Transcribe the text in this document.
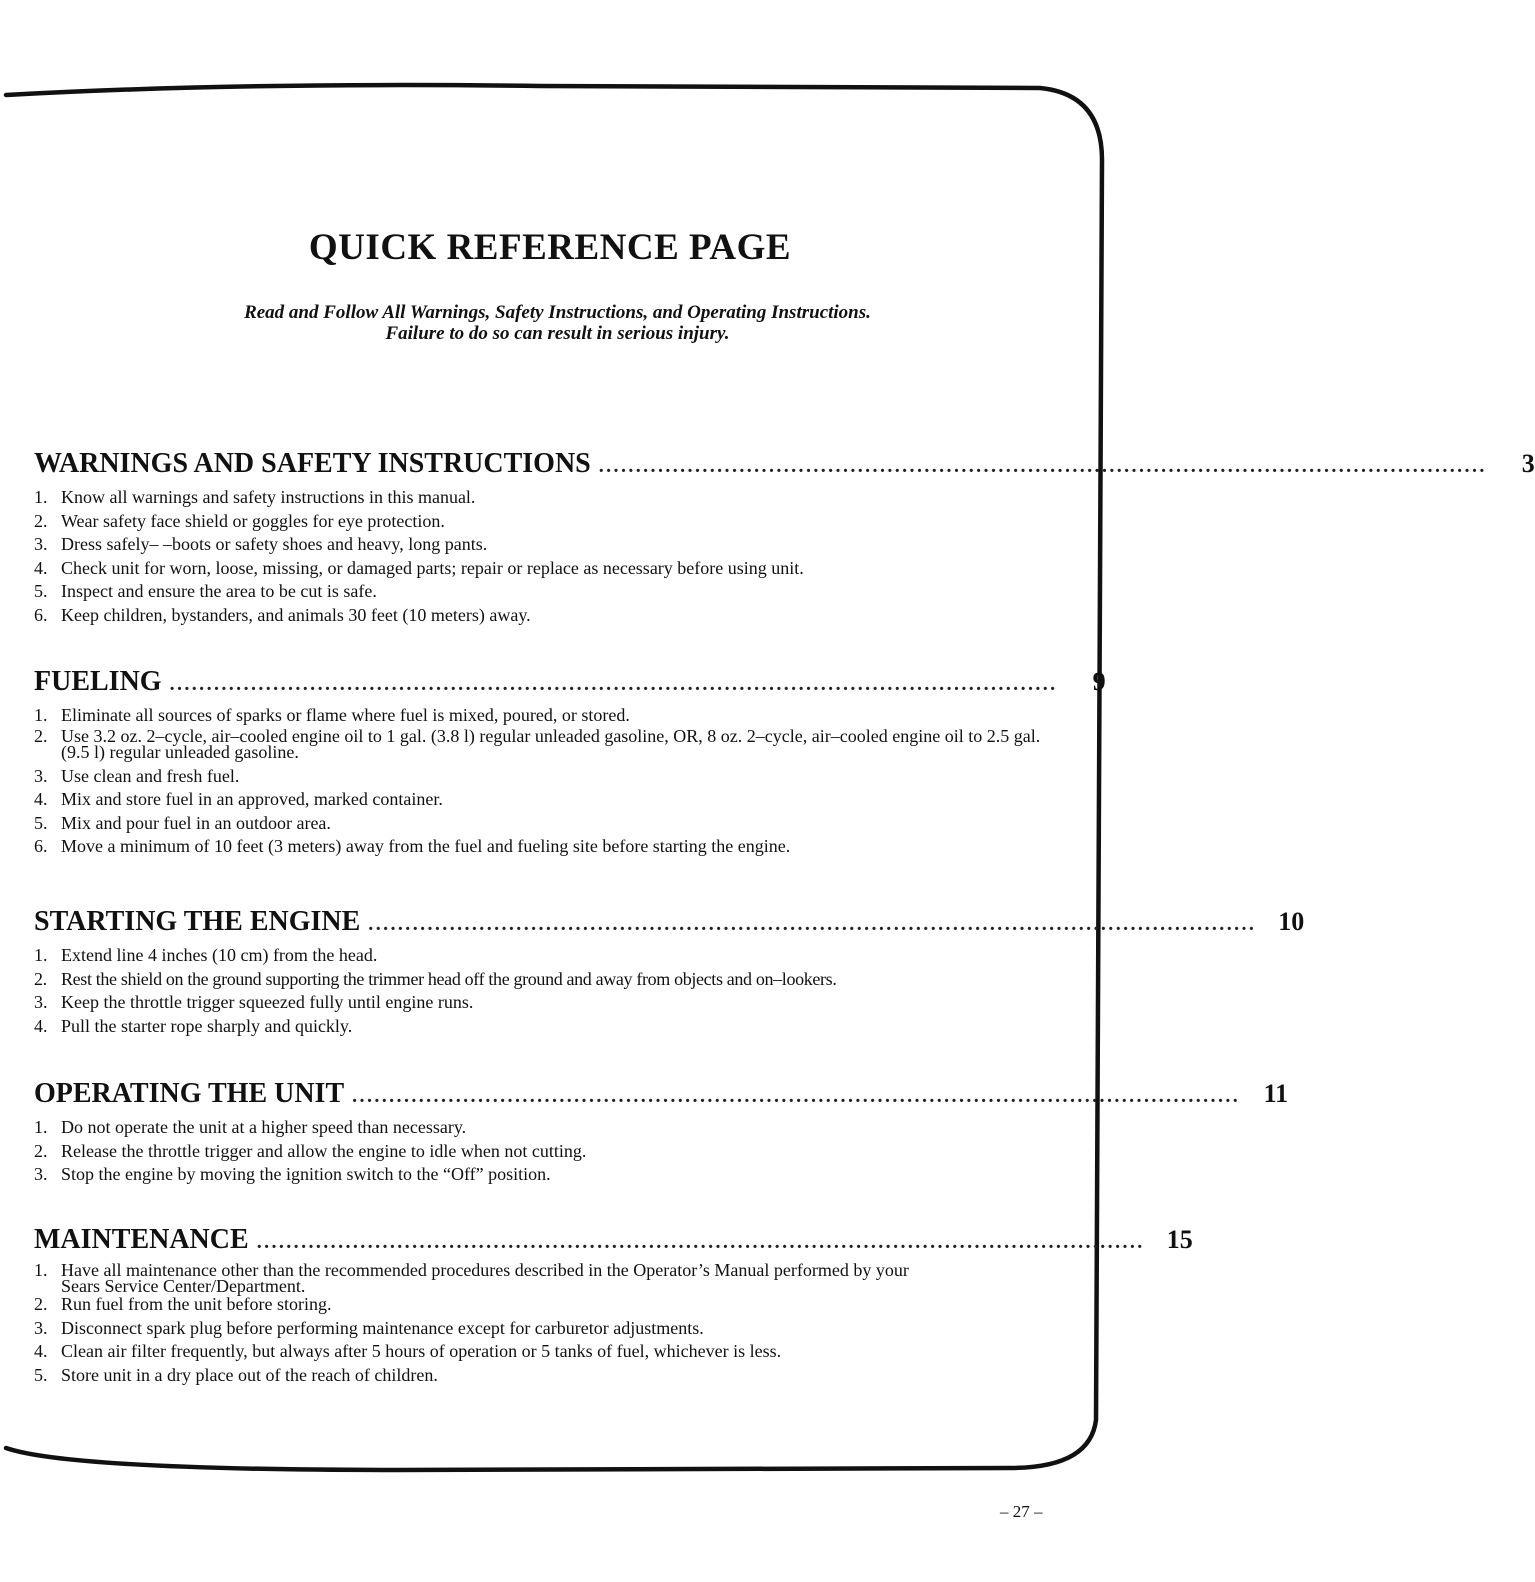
QUICK REFERENCE PAGE
Read and Follow All Warnings, Safety Instructions, and Operating Instructions.
Failure to do so can result in serious injury.
WARNINGS AND SAFETY INSTRUCTIONS ........................................................................................................................	3
1. Know all warnings and safety instructions in this manual.
2. Wear safety face shield or goggles for eye protection.
3. Dress safely– –boots or safety shoes and heavy, long pants.
4. Check unit for worn, loose, missing, or damaged parts; repair or replace as necessary before using unit.
5. Inspect and ensure the area to be cut is safe.
6. Keep children, bystanders, and animals 30 feet (10 meters) away.
FUELING ........................................................................................................................	9
1. Eliminate all sources of sparks or flame where fuel is mixed, poured, or stored.
2. Use 3.2 oz. 2–cycle, air–cooled engine oil to 1 gal. (3.8 l) regular unleaded gasoline, OR, 8 oz. 2–cycle, air–cooled engine oil to 2.5 gal. (9.5 l) regular unleaded gasoline.
3. Use clean and fresh fuel.
4. Mix and store fuel in an approved, marked container.
5. Mix and pour fuel in an outdoor area.
6. Move a minimum of 10 feet (3 meters) away from the fuel and fueling site before starting the engine.
STARTING THE ENGINE ........................................................................................................................ 10
1. Extend line 4 inches (10 cm) from the head.
2. Rest the shield on the ground supporting the trimmer head off the ground and away from objects and on–lookers.
3. Keep the throttle trigger squeezed fully until engine runs.
4. Pull the starter rope sharply and quickly.
OPERATING THE UNIT ........................................................................................................................ 11
1. Do not operate the unit at a higher speed than necessary.
2. Release the throttle trigger and allow the engine to idle when not cutting.
3. Stop the engine by moving the ignition switch to the “Off” position.
MAINTENANCE ........................................................................................................................ 15
1. Have all maintenance other than the recommended procedures described in the Operator’s Manual performed by your Sears Service Center/Department.
2. Run fuel from the unit before storing.
3. Disconnect spark plug before performing maintenance except for carburetor adjustments.
4. Clean air filter frequently, but always after 5 hours of operation or 5 tanks of fuel, whichever is less.
5. Store unit in a dry place out of the reach of children.
– 27 –
